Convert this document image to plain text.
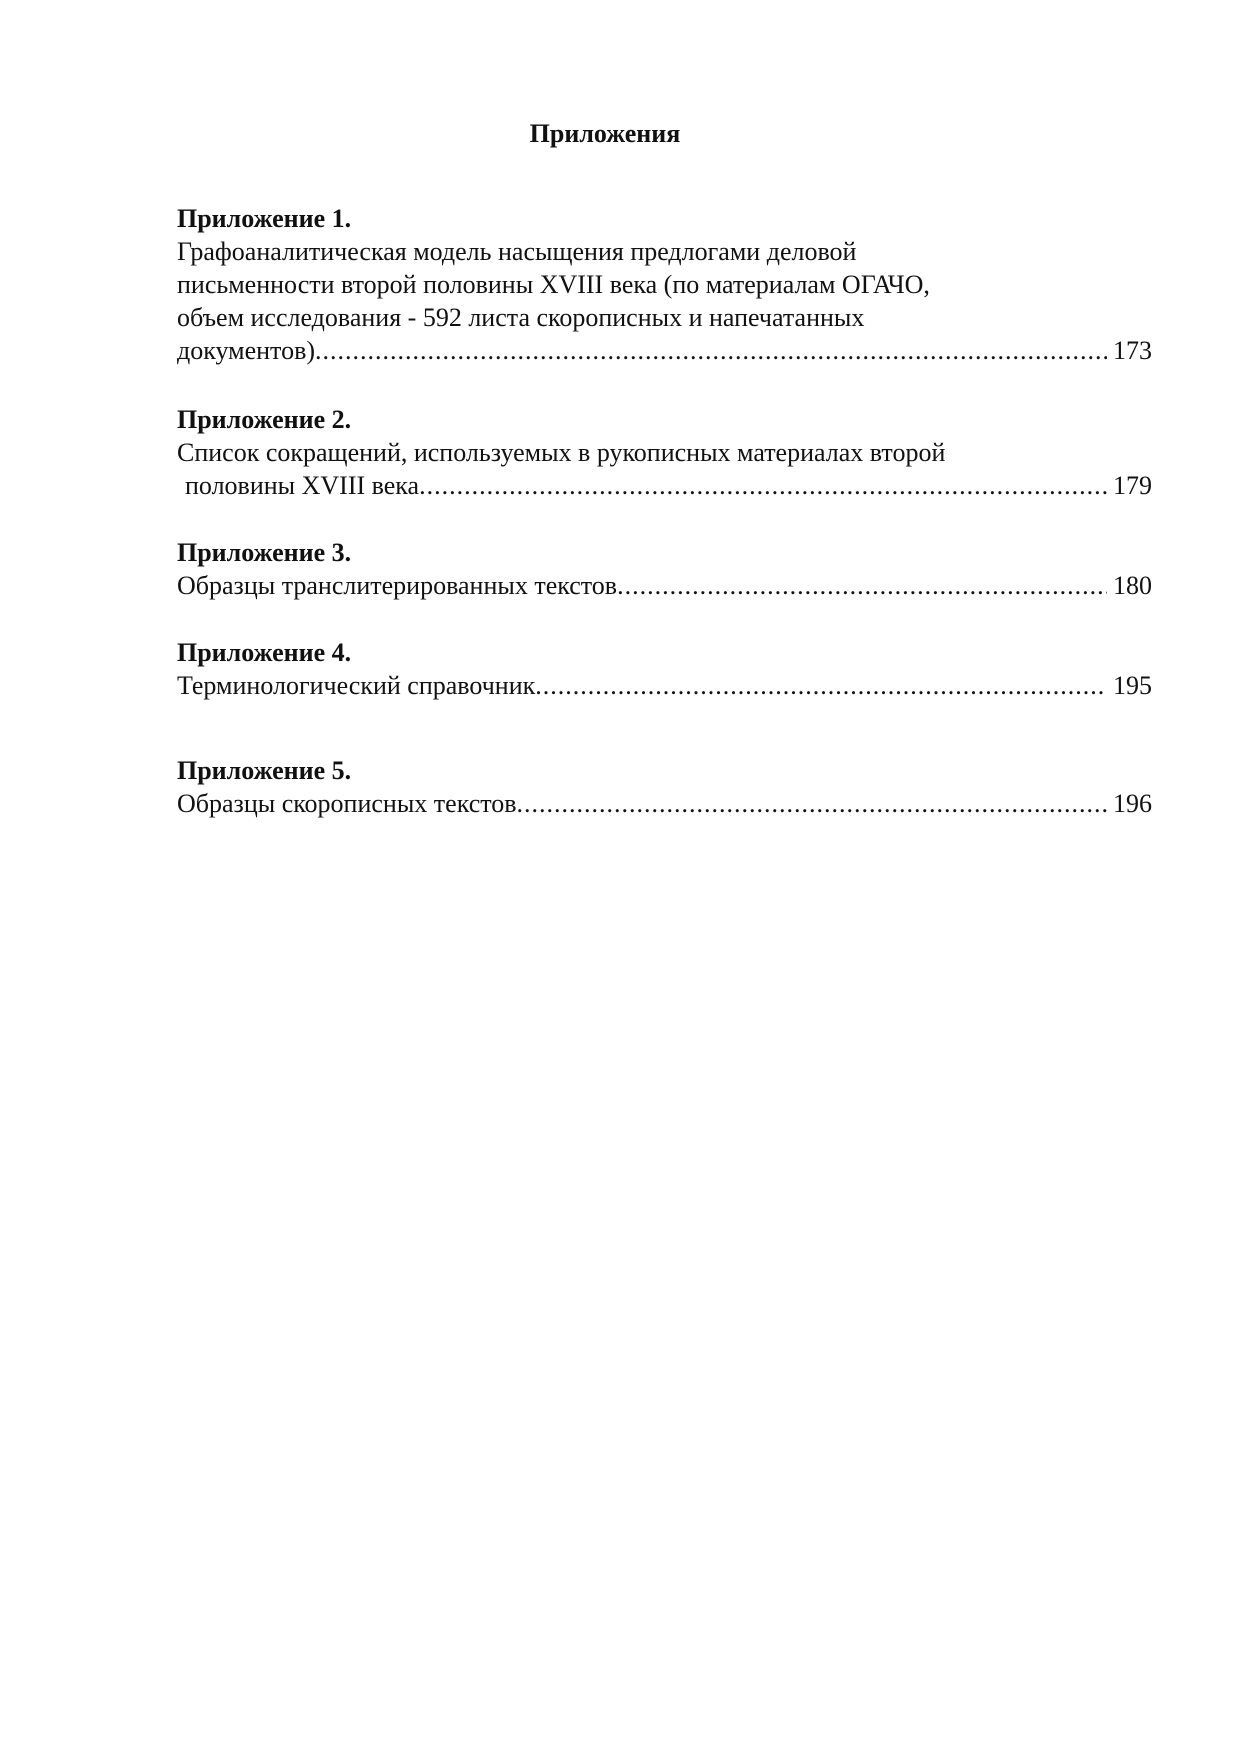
Приложения

Приложение 1.

Графоаналитическая модель насыщения предлогами деловой

письменности второй половины XVIII века (по материалам ОГАЧО,

объем исследования - 592 листа скорописных и напечатанных

документов) .....	173

Приложение 2.

Список сокращений, используемых в рукописных материалах второй

половины XVIII века .....	179

Приложение 3.

Образцы транслитерированных текстов .....	180

Приложение 4.

Терминологический справочник .....	195

Приложение 5.

Образцы скорописных текстов .....	196
